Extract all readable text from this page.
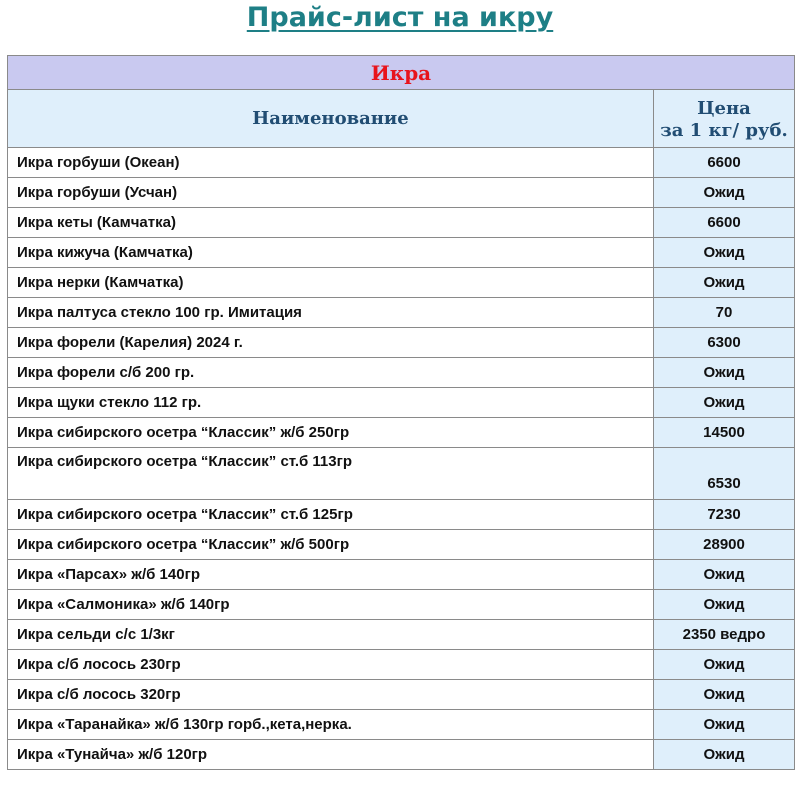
Прайс-лист на икру
Икра	
Наименование	Цена
за 1 кг/ руб.

Икра горбуши (Океан)	6600
Икра горбуши (Усчан)	Ожид
Икра кеты (Камчатка)	6600
Икра кижуча (Камчатка)	Ожид
Икра нерки (Камчатка)	Ожид
Икра палтуса стекло 100 гр. Имитация	70
Икра форели (Карелия) 2024 г.	6300
Икра форели с/б 200 гр.	Ожид
Икра щуки стекло 112 гр.	Ожид
Икра сибирского осетра “Классик” ж/б 250гр	14500
Икра сибирского осетра “Классик” ст.б 113гр	6530
Икра сибирского осетра “Классик” ст.б 125гр	7230
Икра сибирского осетра “Классик” ж/б 500гр	28900
Икра «Парсах» ж/б 140гр	Ожид
Икра «Салмоника» ж/б 140гр	Ожид
Икра сельди с/с 1/3кг	2350 ведро
Икра с/б лосось 230гр	Ожид
Икра с/б лосось 320гр	Ожид
Икра «Таранайка» ж/б 130гр горб.,кета,нерка.	Ожид
Икра «Тунайча» ж/б 120гр	Ожид
